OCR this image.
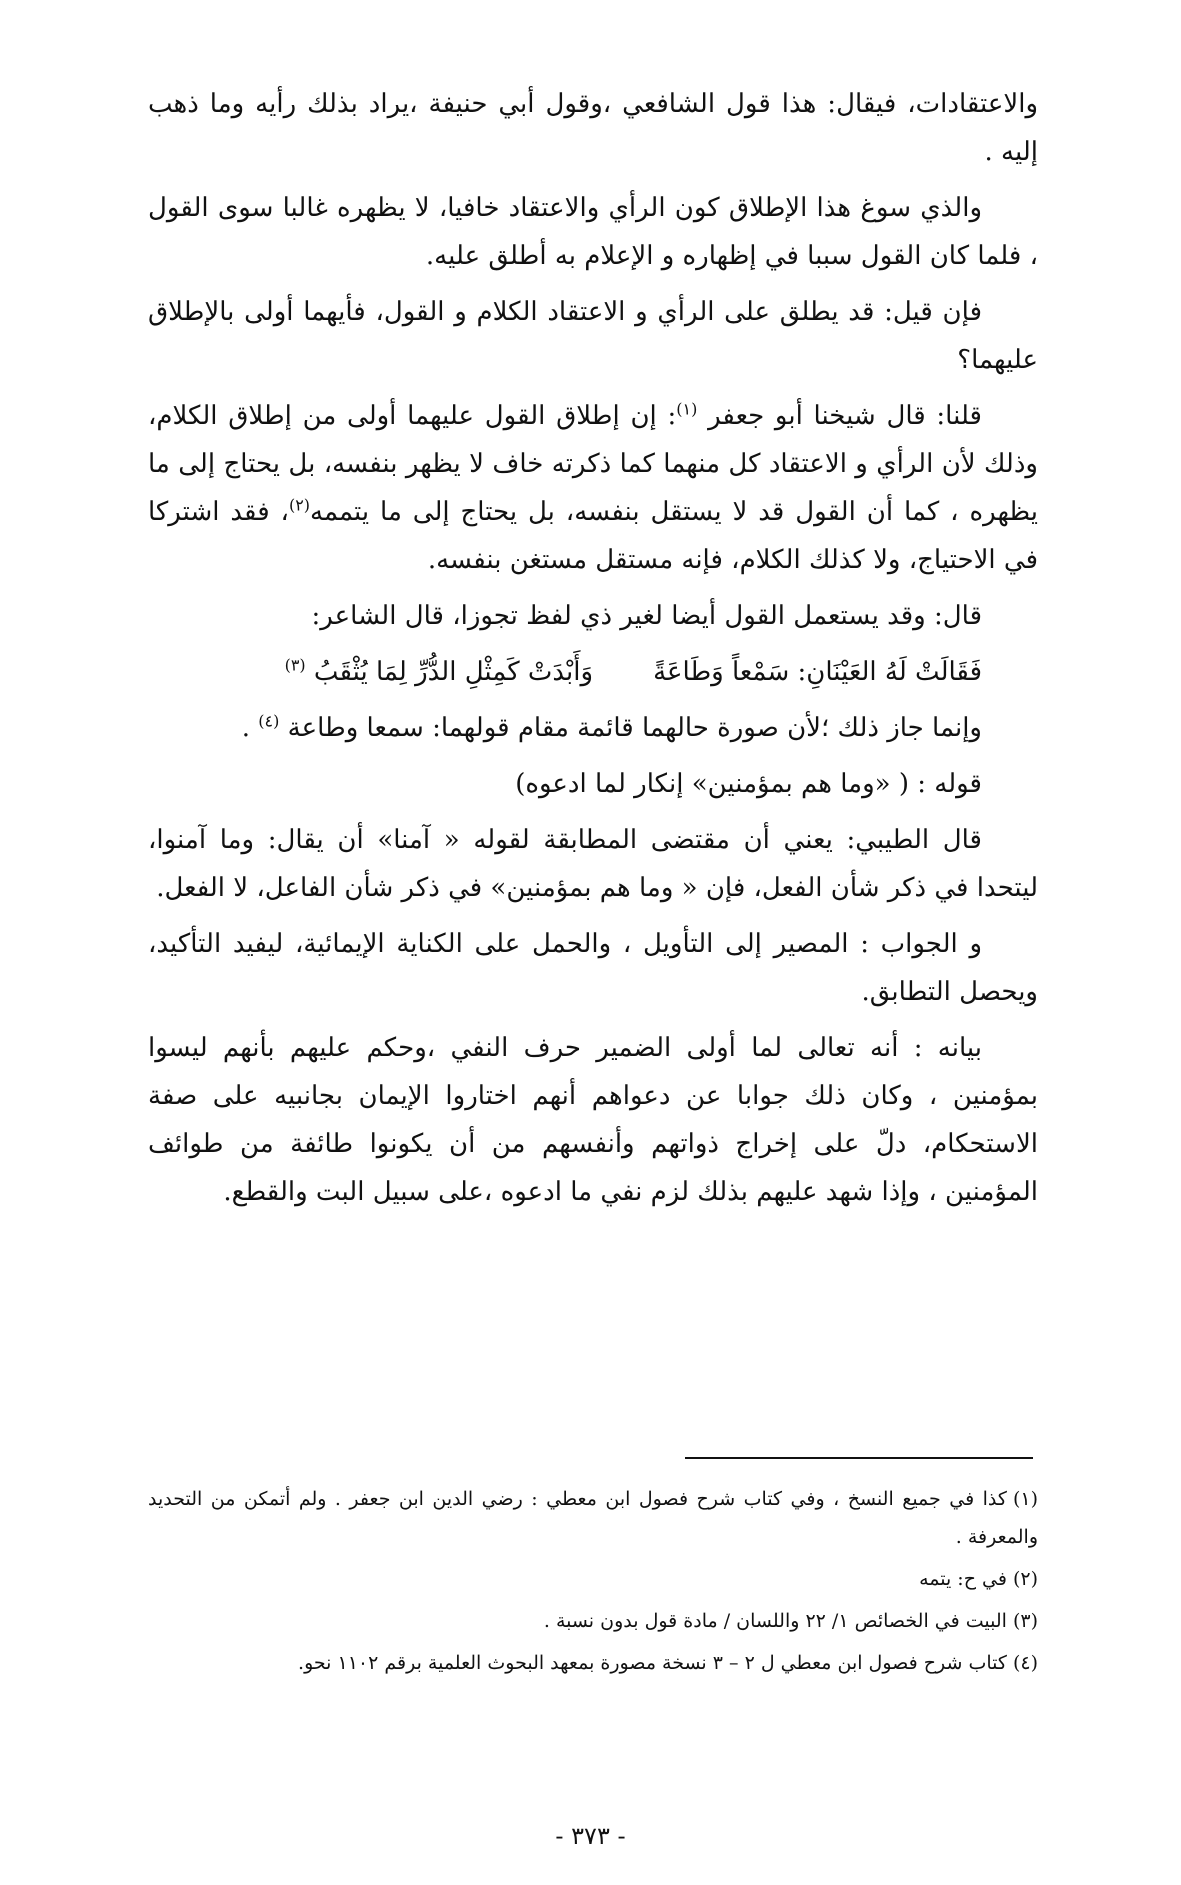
والاعتقادات، فيقال: هذا قول الشافعي ،وقول أبي حنيفة ،يراد بذلك رأيه وما ذهب إليه .

والذي سوغ هذا الإطلاق كون الرأي والاعتقاد خافيا، لا يظهره غالبا سوى القول ، فلما كان القول سببا في إظهاره و الإعلام به أطلق عليه.

فإن قيل: قد يطلق على الرأي و الاعتقاد الكلام و القول، فأيهما أولى بالإطلاق عليهما؟

قلنا: قال شيخنا أبو جعفر $^{(١)}$: إن إطلاق القول عليهما أولى من إطلاق الكلام، وذلك لأن الرأي و الاعتقاد كل منهما كما ذكرته خاف لا يظهر بنفسه، بل يحتاج إلى ما يظهره ، كما أن القول قد لا يستقل بنفسه، بل يحتاج إلى ما يتممه$^{(٢)}$، فقد اشتركا في الاحتياج، ولا كذلك الكلام، فإنه مستقل مستغن بنفسه.

قال: وقد يستعمل القول أيضا لغير ذي لفظ تجوزا، قال الشاعر:

فَقَالَتْ لَهُ العَيْنَانِ: سَمْعاً وَطَاعَةً
وَأَبْدَتْ كَمِثْلِ الدُّرِّ لِمَا يُثْقَبُ $^{(٣)}$

وإنما جاز ذلك ؛لأن صورة حالهما قائمة مقام قولهما: سمعا وطاعة $^{(٤)}$ .

قوله : ( «وما هم بمؤمنين» إنكار لما ادعوه)

قال الطيبي: يعني أن مقتضى المطابقة لقوله « آمنا» أن يقال: وما آمنوا، ليتحدا في ذكر شأن الفعل، فإن « وما هم بمؤمنين» في ذكر شأن الفاعل، لا الفعل.

و الجواب : المصير إلى التأويل ، والحمل على الكناية الإيمائية، ليفيد التأكيد، ويحصل التطابق.

بيانه : أنه تعالى لما أولى الضمير حرف النفي ،وحكم عليهم بأنهم ليسوا بمؤمنين ، وكان ذلك جوابا عن دعواهم أنهم اختاروا الإيمان بجانبيه على صفة الاستحكام، دلّ على إخراج ذواتهم وأنفسهم من أن يكونوا طائفة من طوائف المؤمنين ، وإذا شهد عليهم بذلك لزم نفي ما ادعوه ،على سبيل البت والقطع.

(١)كذا في جميع النسخ ، وفي كتاب شرح فصول ابن معطي : رضي الدين ابن جعفر . ولم أتمكن من التحديد والمعرفة .

(٢)في ح: يتمه

(٣)البيت في الخصائص ١/ ٢٢ واللسان / مادة قول بدون نسبة .

(٤)كتاب شرح فصول ابن معطي ل ٢ – ٣ نسخة مصورة بمعهد البحوث العلمية برقم ١١٠٢ نحو.

- ٣٧٣ -
